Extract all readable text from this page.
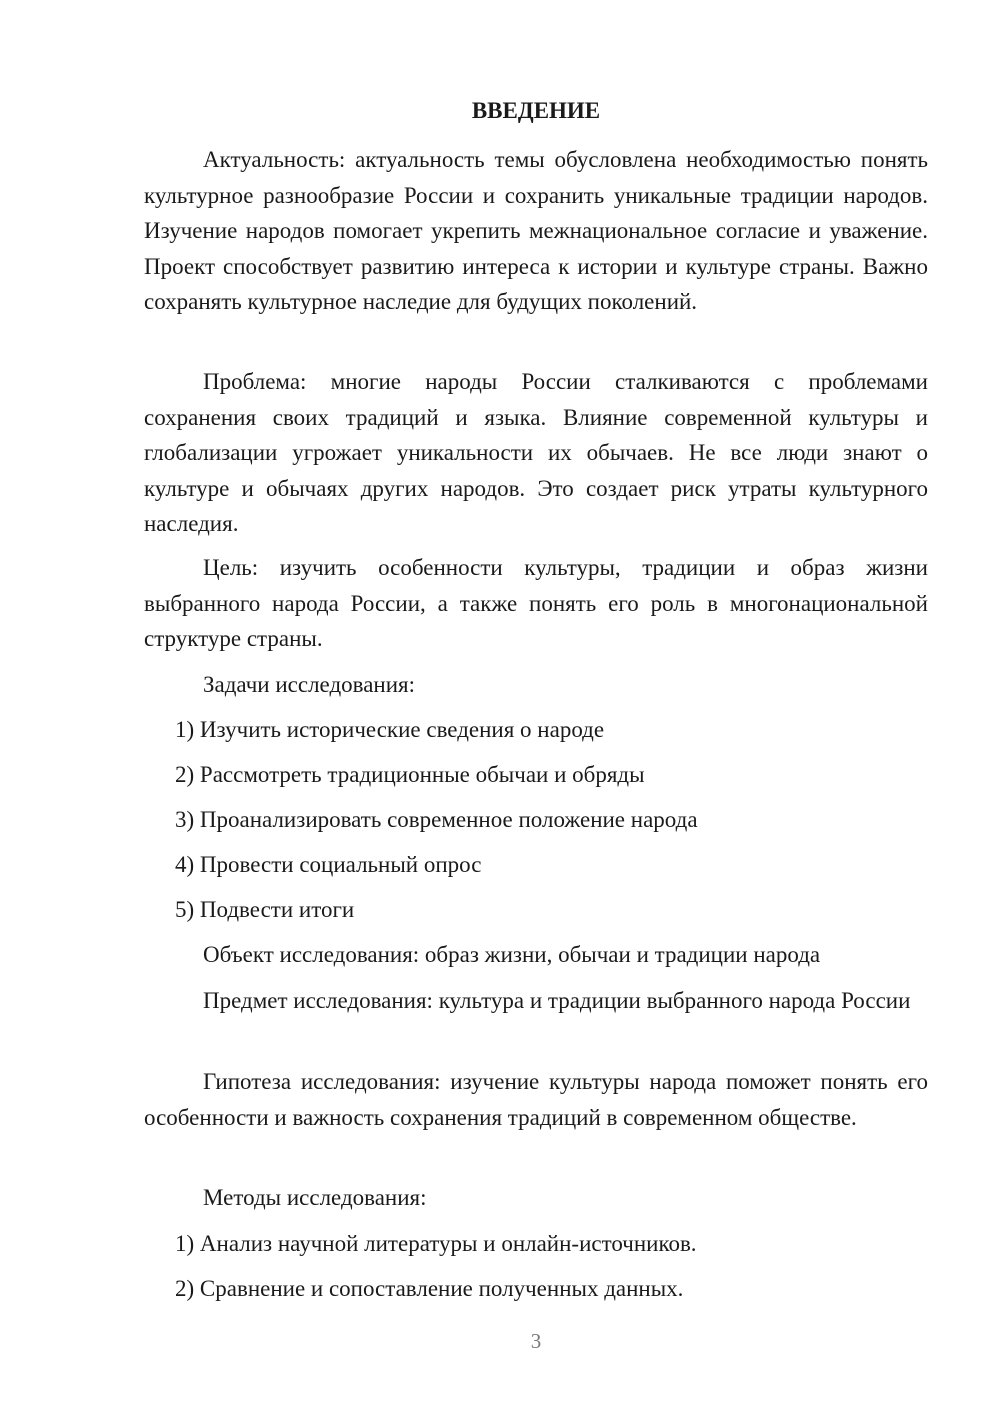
ВВЕДЕНИЕ

Актуальность: актуальность темы обусловлена необходимостью понять культурное разнообразие России и сохранить уникальные традиции народов. Изучение народов помогает укрепить межнациональное согласие и уважение. Проект способствует развитию интереса к истории и культуре страны. Важно сохранять культурное наследие для будущих поколений.

Проблема: многие народы России сталкиваются с проблемами сохранения своих традиций и языка. Влияние современной культуры и глобализации угрожает уникальности их обычаев. Не все люди знают о культуре и обычаях других народов. Это создает риск утраты культурного наследия.

Цель: изучить особенности культуры, традиции и образ жизни выбранного народа России, а также понять его роль в многонациональной структуре страны.

Задачи исследования:
1) Изучить исторические сведения о народе
2) Рассмотреть традиционные обычаи и обряды
3) Проанализировать современное положение народа
4) Провести социальный опрос
5) Подвести итоги
Объект исследования: образ жизни, обычаи и традиции народа

Предмет исследования: культура и традиции выбранного народа России

Гипотеза исследования: изучение культуры народа поможет понять его особенности и важность сохранения традиций в современном обществе.

Методы исследования:
1) Анализ научной литературы и онлайн-источников.
2) Сравнение и сопоставление полученных данных.
3
